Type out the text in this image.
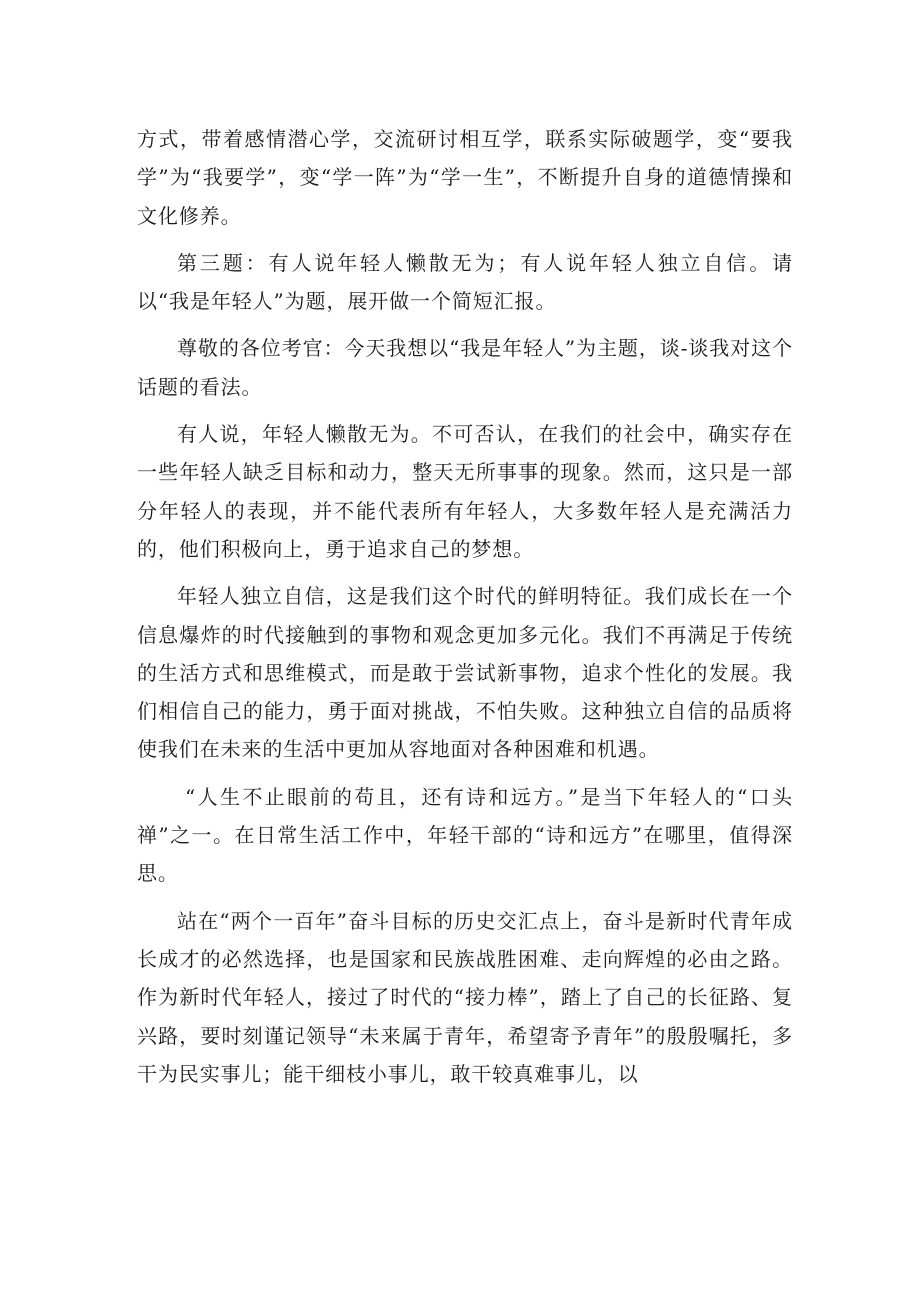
方式，带着感情潜心学，交流研讨相互学，联系实际破题学，变“要我学”为“我要学”，变“学一阵”为“学一生”，不断提升自身的道德情操和文化修养。

第三题：有人说年轻人懒散无为；有人说年轻人独立自信。请以“我是年轻人”为题，展开做一个简短汇报。

尊敬的各位考官：今天我想以“我是年轻人”为主题，谈-谈我对这个话题的看法。

有人说，年轻人懒散无为。不可否认，在我们的社会中，确实存在一些年轻人缺乏目标和动力，整天无所事事的现象。然而，这只是一部分年轻人的表现，并不能代表所有年轻人，大多数年轻人是充满活力的，他们积极向上，勇于追求自己的梦想。

年轻人独立自信，这是我们这个时代的鲜明特征。我们成长在一个信息爆炸的时代接触到的事物和观念更加多元化。我们不再满足于传统的生活方式和思维模式，而是敢于尝试新事物，追求个性化的发展。我们相信自己的能力，勇于面对挑战，不怕失败。这种独立自信的品质将使我们在未来的生活中更加从容地面对各种困难和机遇。

“人生不止眼前的苟且，还有诗和远方。”是当下年轻人的“口头禅”之一。在日常生活工作中，年轻干部的“诗和远方”在哪里，值得深思。

站在“两个一百年”奋斗目标的历史交汇点上，奋斗是新时代青年成长成才的必然选择，也是国家和民族战胜困难、走向辉煌的必由之路。作为新时代年轻人，接过了时代的“接力棒”，踏上了自己的长征路、复兴路，要时刻谨记领导“未来属于青年，希望寄予青年”的殷殷嘱托，多干为民实事儿；能干细枝小事儿，敢干较真难事儿，以
